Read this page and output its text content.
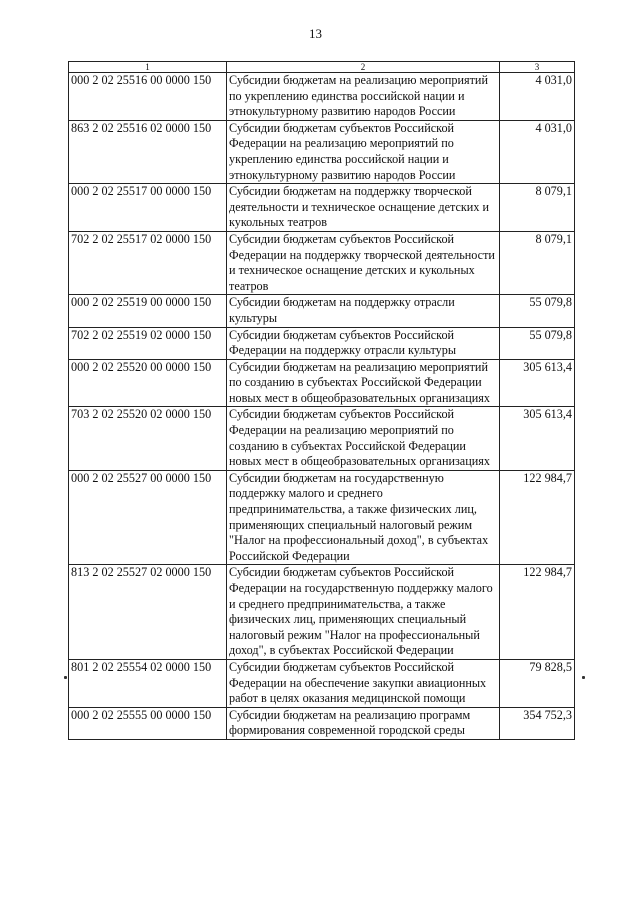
13
1	2	3
000 2 02 25516 00 0000 150	Субсидии бюджетам на реализацию мероприятий по укреплению единства российской нации и этнокультурному развитию народов России	4 031,0
863 2 02 25516 02 0000 150	Субсидии бюджетам субъектов Российской Федерации на реализацию мероприятий по укреплению единства российской нации и этнокультурному развитию народов России	4 031,0
000 2 02 25517 00 0000 150	Субсидии бюджетам на поддержку творческой деятельности и техническое оснащение детских и кукольных театров	8 079,1
702 2 02 25517 02 0000 150	Субсидии бюджетам субъектов Российской Федерации на поддержку творческой деятельности и техническое оснащение детских и кукольных театров	8 079,1
000 2 02 25519 00 0000 150	Субсидии бюджетам на поддержку отрасли культуры	55 079,8
702 2 02 25519 02 0000 150	Субсидии бюджетам субъектов Российской Федерации на поддержку отрасли культуры	55 079,8
000 2 02 25520 00 0000 150	Субсидии бюджетам на реализацию мероприятий по созданию в субъектах Российской Федерации новых мест в общеобразовательных организациях	305 613,4
703 2 02 25520 02 0000 150	Субсидии бюджетам субъектов Российской Федерации на реализацию мероприятий по созданию в субъектах Российской Федерации новых мест в общеобразовательных организациях	305 613,4
000 2 02 25527 00 0000 150	Субсидии бюджетам на государственную поддержку малого и среднего предпринимательства, а также физических лиц, применяющих специальный налоговый режим "Налог на профессиональный доход", в субъектах Российской Федерации	122 984,7
813 2 02 25527 02 0000 150	Субсидии бюджетам субъектов Российской Федерации на государственную поддержку малого и среднего предпринимательства, а также физических лиц, применяющих специальный налоговый режим "Налог на профессиональный доход", в субъектах Российской Федерации	122 984,7
801 2 02 25554 02 0000 150	Субсидии бюджетам субъектов Российской Федерации на обеспечение закупки авиационных работ в целях оказания медицинской помощи	79 828,5
000 2 02 25555 00 0000 150	Субсидии бюджетам на реализацию программ формирования современной городской среды	354 752,3
